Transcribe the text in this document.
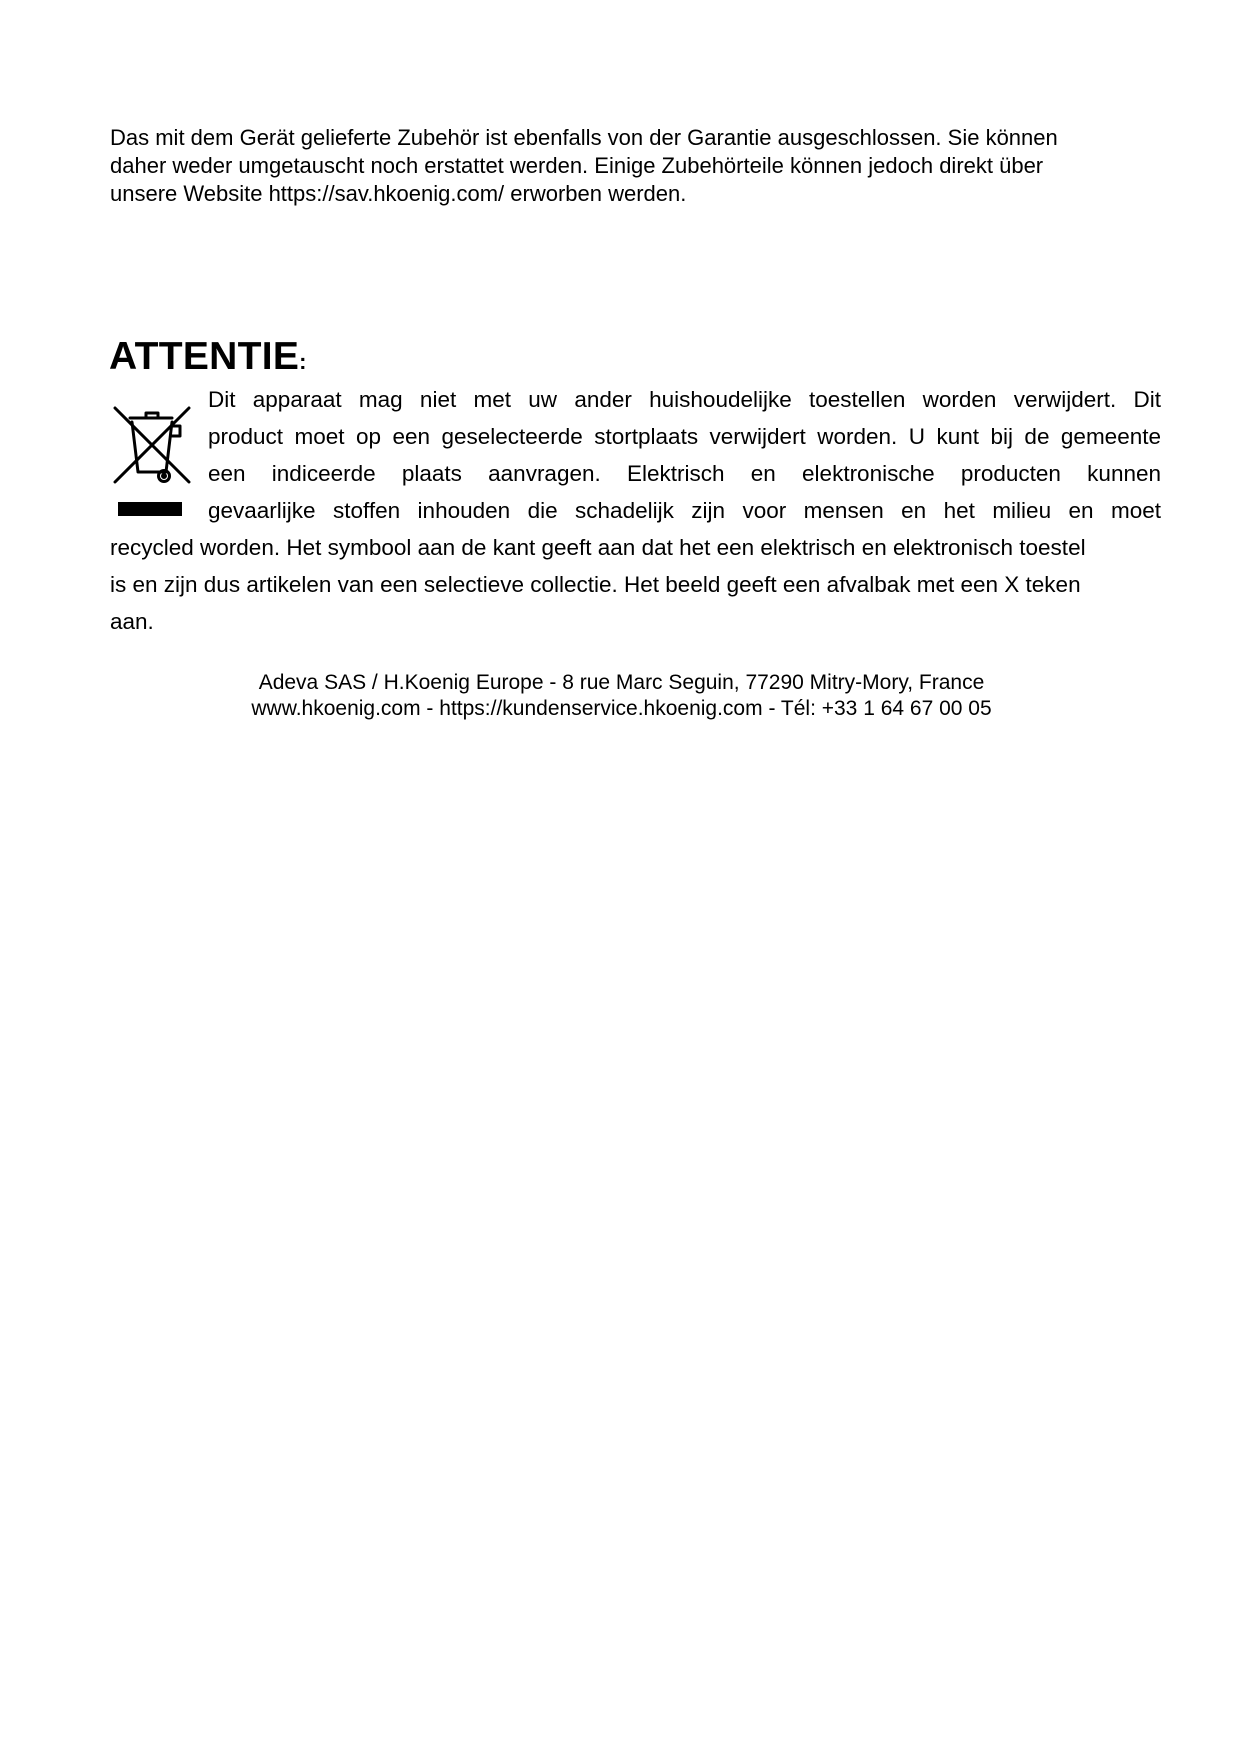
Das mit dem Gerät gelieferte Zubehör ist ebenfalls von der Garantie ausgeschlossen. Sie können
daher weder umgetauscht noch erstattet werden. Einige Zubehörteile können jedoch direkt über
unsere Website https://sav.hkoenig.com/ erworben werden.

ATTENTIE:

Dit apparaat mag niet met uw ander huishoudelijke toestellen worden verwijdert. Dit
product moet op een geselecteerde stortplaats verwijdert worden. U kunt bij de gemeente
een indiceerde plaats aanvragen. Elektrisch en elektronische producten kunnen
gevaarlijke stoffen inhouden die schadelijk zijn voor mensen en het milieu en moet

recycled worden. Het symbool aan de kant geeft aan dat het een elektrisch en elektronisch toestel
is en zijn dus artikelen van een selectieve collectie. Het beeld geeft een afvalbak met een X teken
aan.

Adeva SAS / H.Koenig Europe - 8 rue Marc Seguin, 77290 Mitry-Mory, France
www.hkoenig.com - https://kundenservice.hkoenig.com - Tél: +33 1 64 67 00 05
